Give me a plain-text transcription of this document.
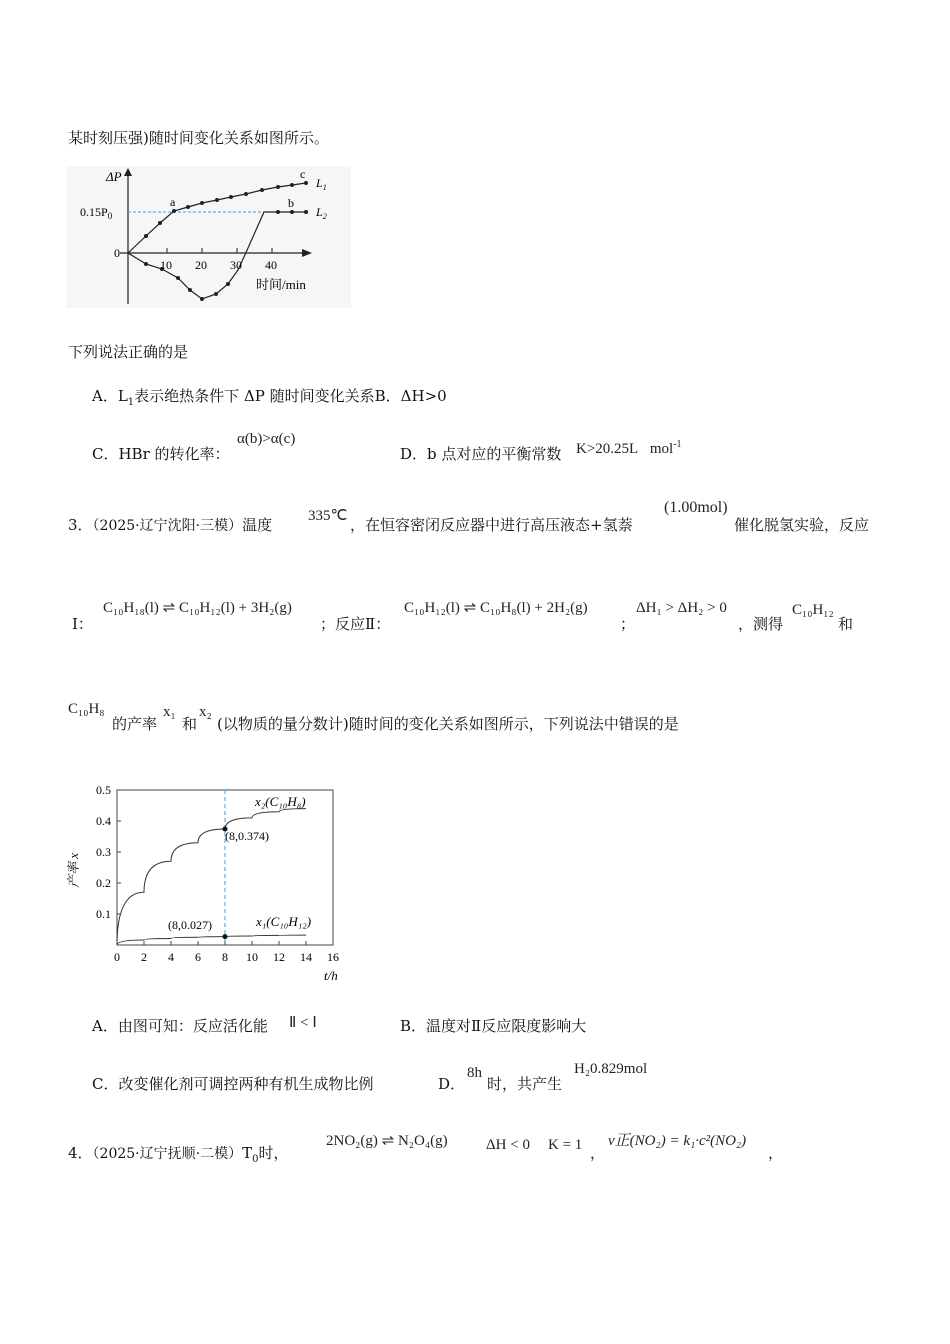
某时刻压强)随时间变化关系如图所示。
ΔP
$0.15P_0$
0
10 20 30 40
时间/min
a	b
c
$L_1$
$L_2$
下列说法正确的是
A．$L_1$表示绝热条件下 ΔP 随时间变化关系B．ΔH>0
C．HBr 的转化率：
α(b)>α(c)
D．b 点对应的平衡常数 K>20.25L mol$^{-1}$
3．（2025·辽宁沈阳·三模）温度 335℃ ，在恒容密闭反应器中进行高压液态+氢萘
(1.00mol)
催化脱氢实验，反应
Ⅰ：
C₁₀H₁₈(l) ⇌ C₁₀H₁₂(l) + 3H₂(g)
；反应Ⅱ：
C₁₀H₁₂(l) ⇌ C₁₀H₈(l) + 2H₂(g)
；
ΔH₁ > ΔH₂ > 0
，测得
C₁₀H₁₂
和
C₁₀H₈
的产率
x₁
和
x₂
(以物质的量分数计)随时间的变化关系如图所示，下列说法中错误的是
0.5
0.4
0.3
0.2
0.1
0 2 4 6 8 10 12 14 16
产率 x
t/h
x₂(C₁₀H₈)
x₁(C₁₀H₁₂)
(8,0.374)
(8,0.027)
A．由图可知：反应活化能 Ⅱ < Ⅰ	B．温度对Ⅱ反应限度影响大
C．改变催化剂可调控两种有机生成物比例	D．
8h
时，共产生
H₂0.829mol
4．（2025·辽宁抚顺·二模）$T_0$时，
2NO₂(g) ⇌ N₂O₄(g)	ΔH < 0 K = 1 ，
v正(NO₂) = k₁·c²(NO₂)
，
